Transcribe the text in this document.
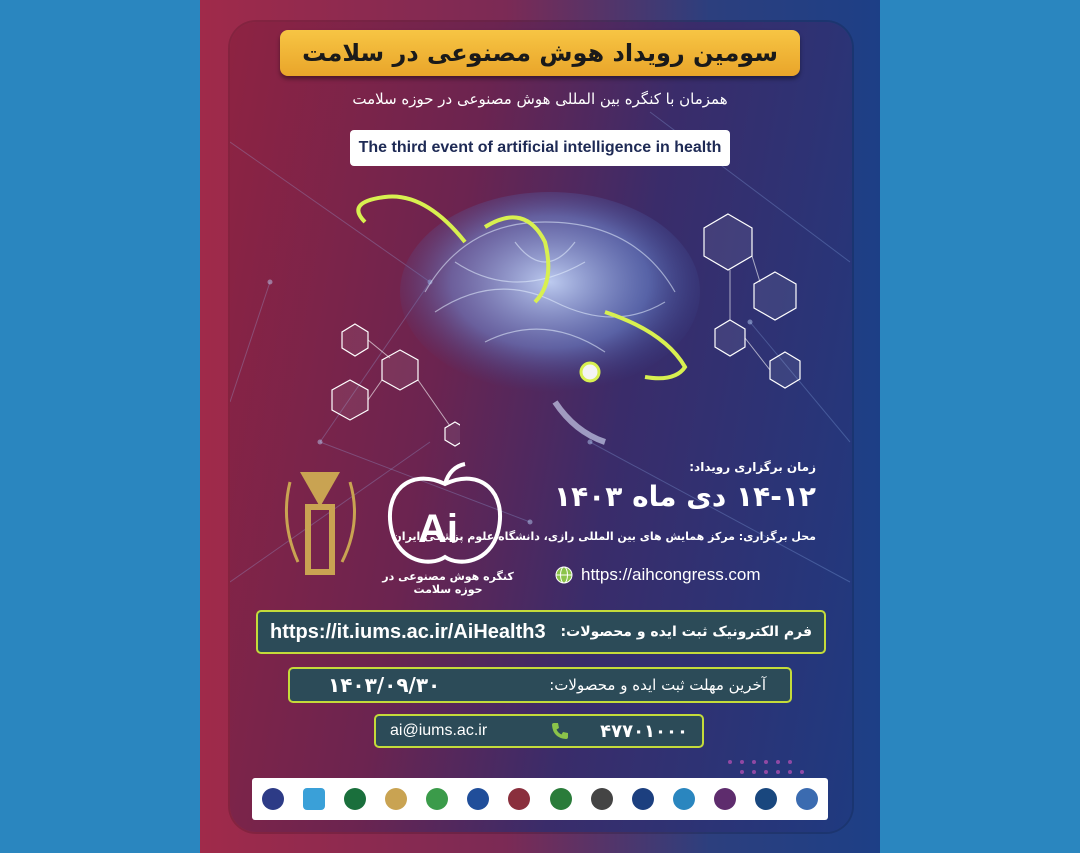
سومین رویداد هوش مصنوعی در سلامت
همزمان با کنگره بین المللی هوش مصنوعی در حوزه سلامت
The third event of artificial intelligence in health
زمان برگزاری رویداد:
۱۴-۱۲ دی ماه ۱۴۰۳
محل برگزاری: مرکز همایش های بین المللی رازی، دانشگاه علوم پزشکی ایران
https://aihcongress.com
Ai
کنگره هوش مصنوعی در حوزه سلامت
https://it.iums.ac.ir/AiHealth3 فرم الکترونیک ثبت ایده و محصولات:
۱۴۰۳/۰۹/۳۰	آخرین مهلت ثبت ایده و محصولات:
ai@iums.ac.ir	۴۷۷۰۱۰۰۰
